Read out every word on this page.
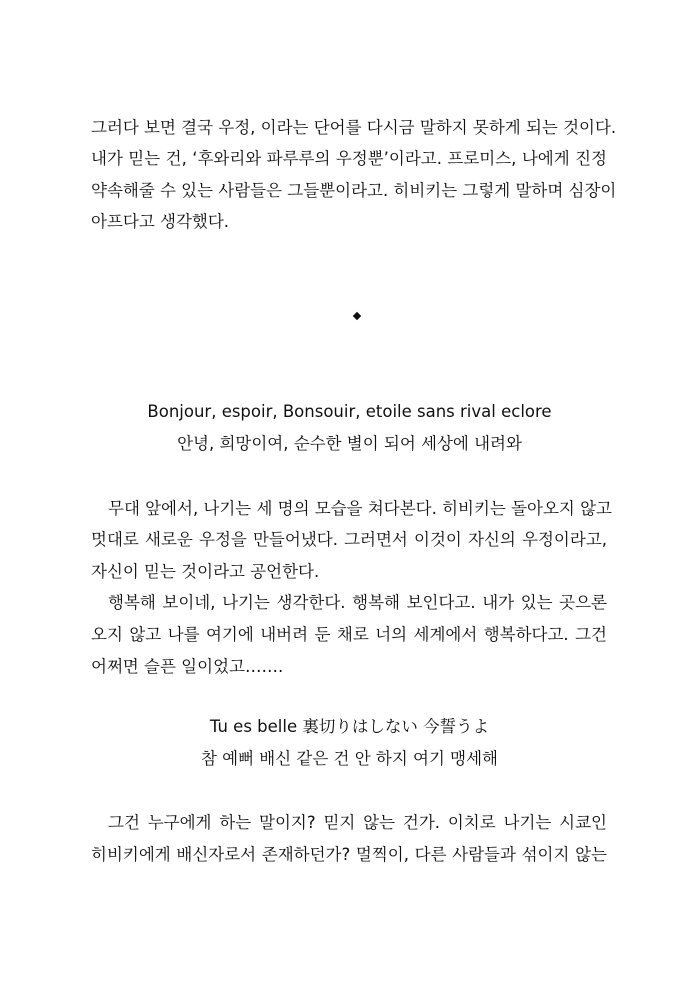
그러다 보면 결국 우정, 이라는 단어를 다시금 말하지 못하게 되는 것이다.
내가 믿는 건, ‘후와리와 파루루의 우정뿐’이라고. 프로미스, 나에게 진정
약속해줄 수 있는 사람들은 그들뿐이라고. 히비키는 그렇게 말하며 심장이
아프다고 생각했다.
Bonjour, espoir, Bonsouir, etoile sans rival eclore
안녕, 희망이여, 순수한 별이 되어 세상에 내려와
무대 앞에서, 나기는 세 명의 모습을 쳐다본다. 히비키는 돌아오지 않고
멋대로 새로운 우정을 만들어냈다. 그러면서 이것이 자신의 우정이라고,
자신이 믿는 것이라고 공언한다.
행복해 보이네, 나기는 생각한다. 행복해 보인다고. 내가 있는 곳으론
오지 않고 나를 여기에 내버려 둔 채로 너의 세계에서 행복하다고. 그건
어쩌면 슬픈 일이었고…….
Tu es belle 裏切りはしない 今誓うよ
참 예뻐 배신 같은 건 안 하지 여기 맹세해
그건 누구에게 하는 말이지? 믿지 않는 건가. 이치로 나기는 시쿄인
히비키에게 배신자로서 존재하던가? 멀찍이, 다른 사람들과 섞이지 않는
